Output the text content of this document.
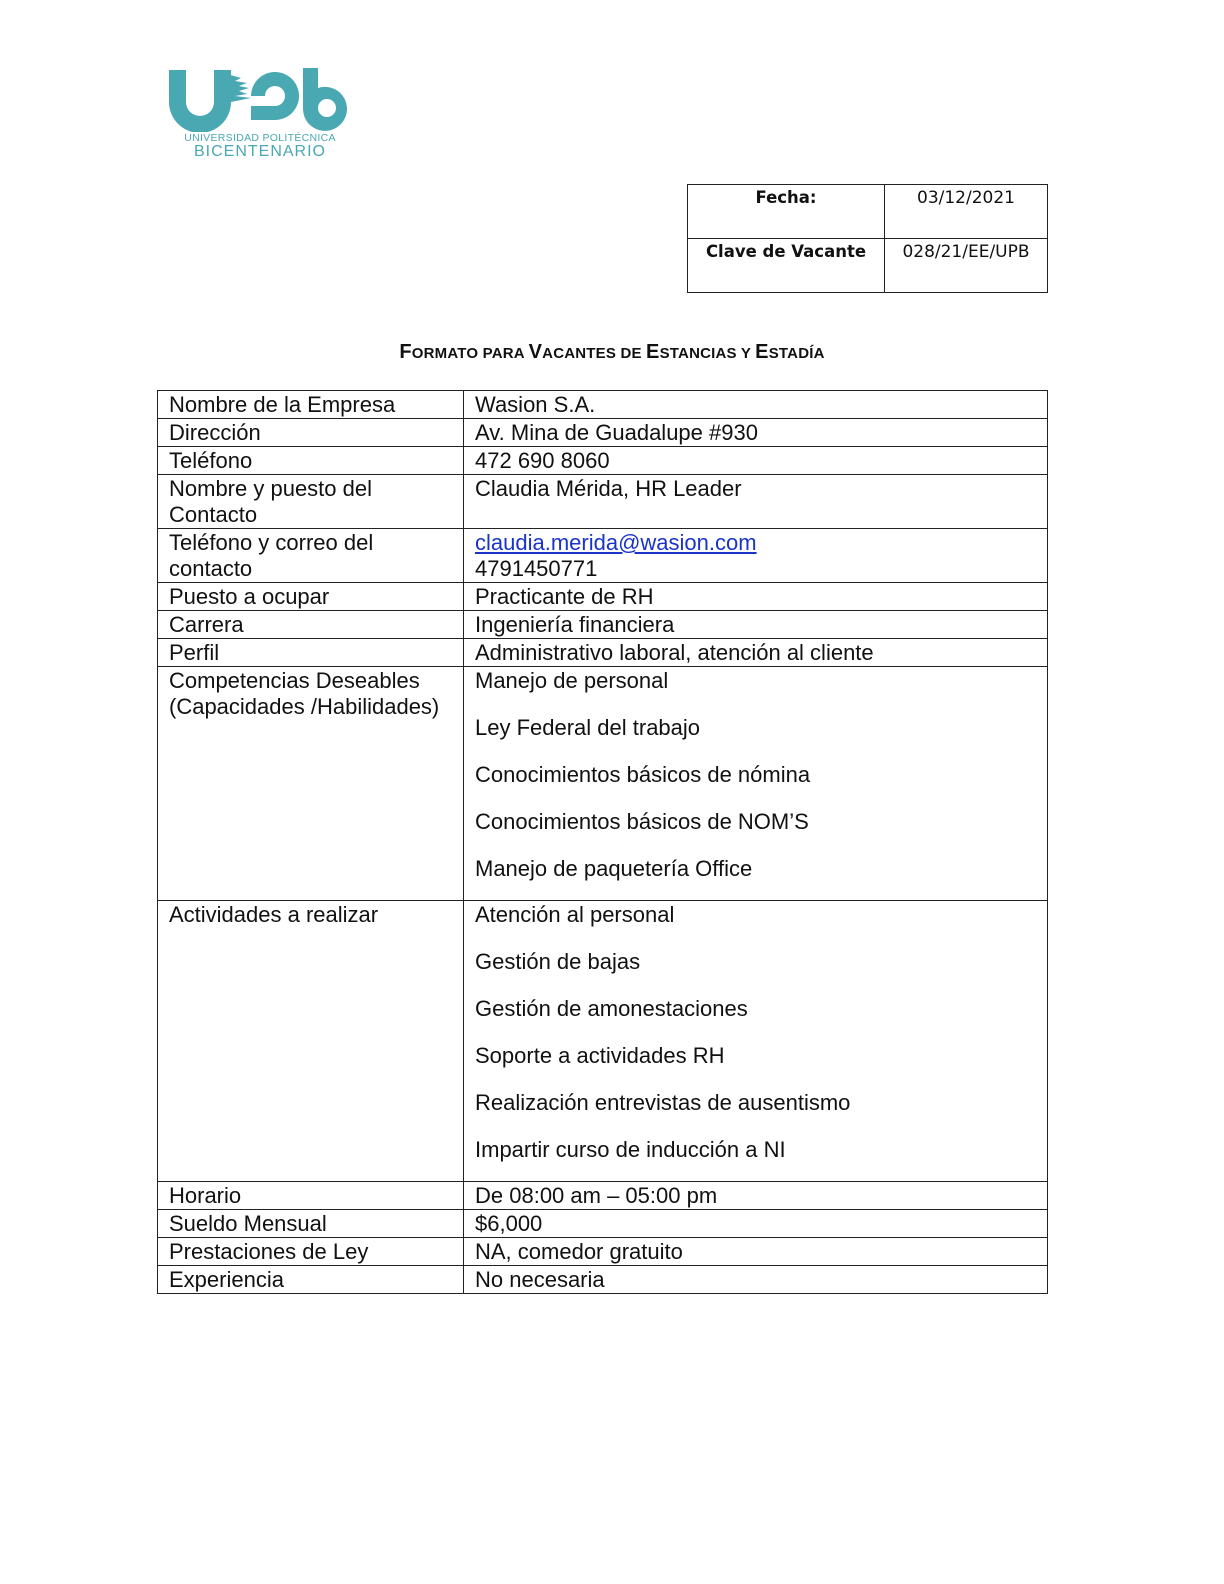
UNIVERSIDAD POLITÉCNICA
BICENTENARIO
Fecha:	03/12/2021
Clave de Vacante	028/21/EE/UPB
FORMATO PARA VACANTES DE ESTANCIAS Y ESTADÍA
Nombre de la Empresa	Wasion S.A.
Dirección	Av. Mina de Guadalupe #930
Teléfono	472 690 8060
Nombre y puesto del Contacto	Claudia Mérida, HR Leader
Teléfono y correo del contacto	claudia.merida@wasion.com
4791450771
Puesto a ocupar	Practicante de RH
Carrera	Ingeniería financiera
Perfil	Administrativo laboral, atención al cliente
Competencias Deseables (Capacidades /Habilidades)	Manejo de personal
Ley Federal del trabajo
Conocimientos básicos de nómina
Conocimientos básicos de NOM’S
Manejo de paquetería Office

Actividades a realizar	Atención al personal
Gestión de bajas
Gestión de amonestaciones
Soporte a actividades RH
Realización entrevistas de ausentismo
Impartir curso de inducción a NI

Horario	De 08:00 am – 05:00 pm
Sueldo Mensual	$6,000
Prestaciones de Ley	NA, comedor gratuito
Experiencia	No necesaria
